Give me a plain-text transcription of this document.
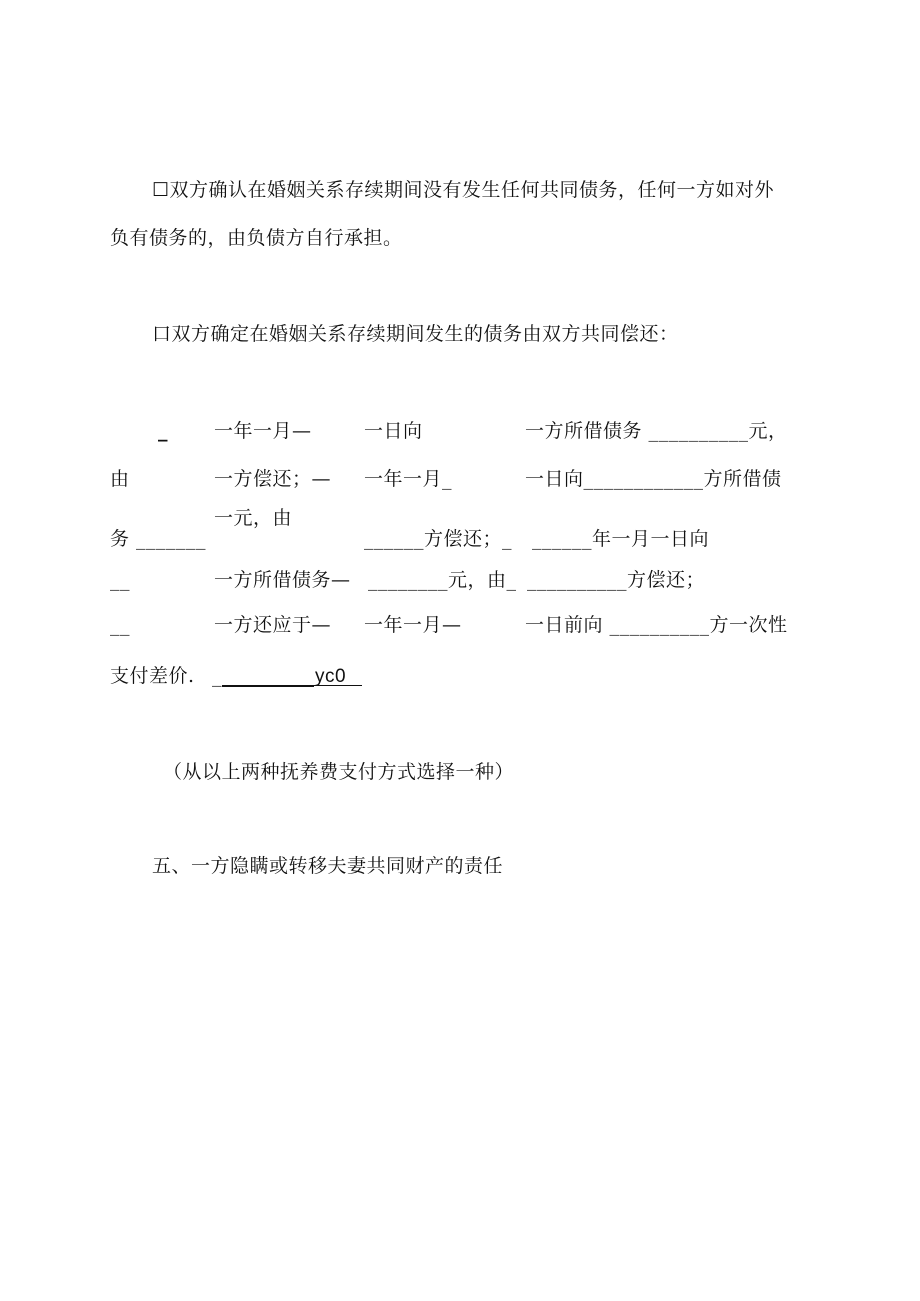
☐双方确认在婚姻关系存续期间没有发生任何共同债务，任何一方如对外
负有债务的，由负债方自行承担。
口双方确定在婚姻关系存续期间发生的债务由双方共同偿还：
_ 一年一月—	一日向	一方所借债务 __________元，
由	一方偿还；— 一年一月_	一日向____________方所借债
一元，由
务 _______	______方偿还；_ ______年一月一日向
__	一方所借债务— ________元，由_ __________方偿还；
__	一方还应于— 一年一月—	一日前向 __________方一次性
支付差价. _	yc0
（从以上两种抚养费支付方式选择一种）
五、一方隐瞒或转移夫妻共同财产的责任
